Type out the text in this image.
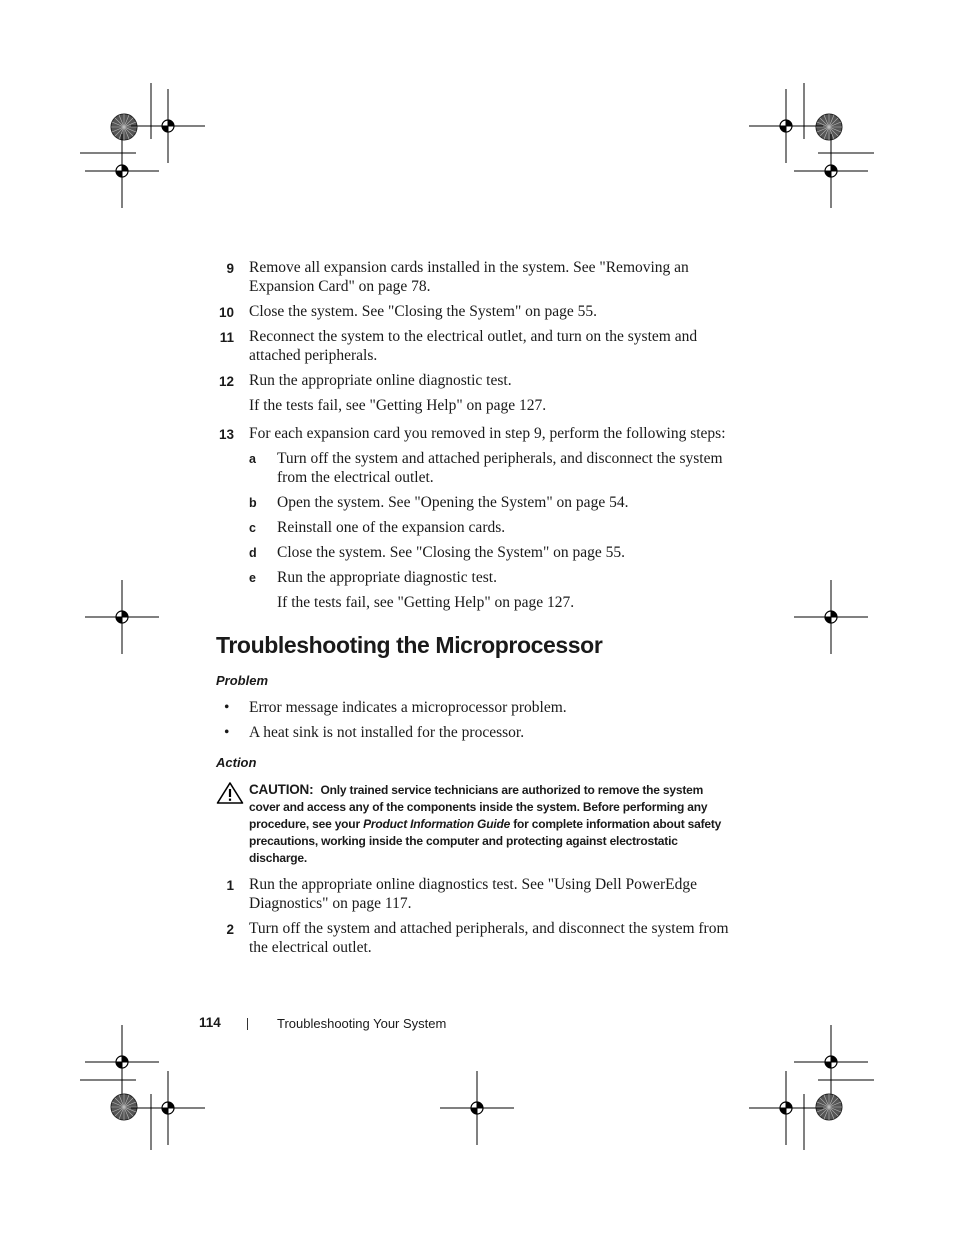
9 Remove all expansion cards installed in the system. See "Removing an Expansion Card" on page 78.
10 Close the system. See "Closing the System" on page 55.
11 Reconnect the system to the electrical outlet, and turn on the system and attached peripherals.
12 Run the appropriate online diagnostic test.
If the tests fail, see "Getting Help" on page 127.
13 For each expansion card you removed in step 9, perform the following steps:
a Turn off the system and attached peripherals, and disconnect the system from the electrical outlet.
b Open the system. See "Opening the System" on page 54.
c Reinstall one of the expansion cards.
d Close the system. See "Closing the System" on page 55.
e Run the appropriate diagnostic test.
If the tests fail, see "Getting Help" on page 127.
Troubleshooting the Microprocessor
Problem
• Error message indicates a microprocessor problem.
• A heat sink is not installed for the processor.
Action

CAUTION: Only trained service technicians are authorized to remove the system cover and access any of the components inside the system. Before performing any procedure, see your Product Information Guide for complete information about safety precautions, working inside the computer and protecting against electrostatic discharge.

1 Run the appropriate online diagnostics test. See "Using Dell PowerEdge Diagnostics" on page 117.
2 Turn off the system and attached peripherals, and disconnect the system from the electrical outlet.
114	Troubleshooting Your System
